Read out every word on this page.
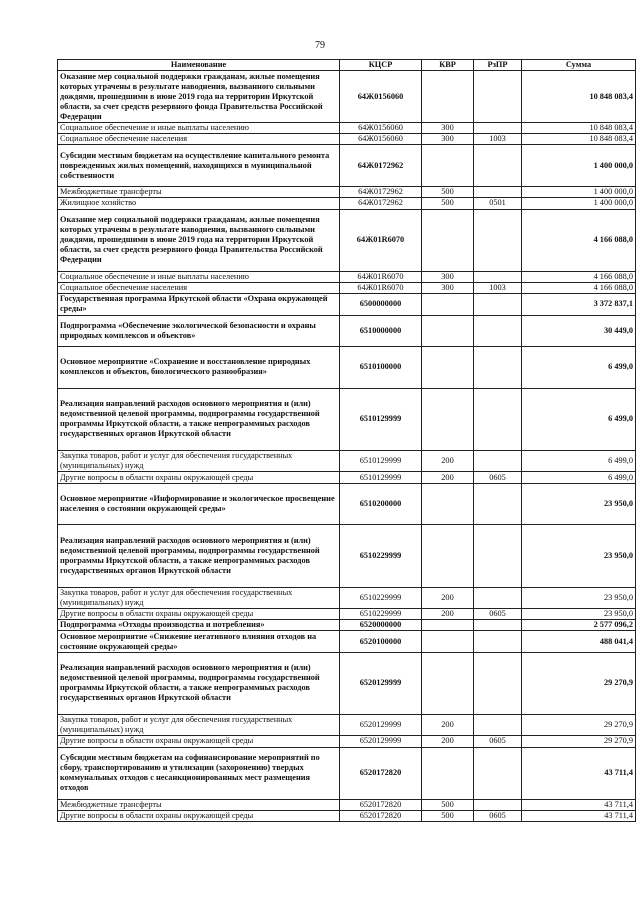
79
Наименование	КЦСР	КВР	РзПР	Сумма
Оказание мер социальной поддержки гражданам, жилые помещения которых утрачены в результате наводнения, вызванного сильными дождями, прошедшими в июне 2019 года на территории Иркутской области, за счет средств резервного фонда Правительства Российской Федерации	64Ж0156060			10 848 083,4
Социальное обеспечение и иные выплаты населению	64Ж0156060	300		10 848 083,4
Социальное обеспечение населения	64Ж0156060	300	1003	10 848 083,4
Субсидии местным бюджетам на осуществление капитального ремонта поврежденных жилых помещений, находящихся в муниципальной собственности	64Ж0172962			1 400 000,0
Межбюджетные трансферты	64Ж0172962	500		1 400 000,0
Жилищное хозяйство	64Ж0172962	500	0501	1 400 000,0
Оказание мер социальной поддержки гражданам, жилые помещения которых утрачены в результате наводнения, вызванного сильными дождями, прошедшими в июне 2019 года на территории Иркутской области, за счет средств резервного фонда Правительства Российской Федерации	64Ж01R6070			4 166 088,0
Социальное обеспечение и иные выплаты населению	64Ж01R6070	300		4 166 088,0
Социальное обеспечение населения	64Ж01R6070	300	1003	4 166 088,0
Государственная программа Иркутской области «Охрана окружающей среды»	6500000000			3 372 837,1
Подпрограмма «Обеспечение экологической безопасности и охраны природных комплексов и объектов»	6510000000			30 449,0
Основное мероприятие «Сохранение и восстановление природных комплексов и объектов, биологического разнообразия»	6510100000			6 499,0
Реализация направлений расходов основного мероприятия и (или) ведомственной целевой программы, подпрограммы государственной программы Иркутской области, а также непрограммных расходов государственных органов Иркутской области	6510129999			6 499,0
Закупка товаров, работ и услуг для обеспечения государственных (муниципальных) нужд	6510129999	200		6 499,0
Другие вопросы в области охраны окружающей среды	6510129999	200	0605	6 499,0
Основное мероприятие «Информирование и экологическое просвещение населения о состоянии окружающей среды»	6510200000			23 950,0
Реализация направлений расходов основного мероприятия и (или) ведомственной целевой программы, подпрограммы государственной программы Иркутской области, а также непрограммных расходов государственных органов Иркутской области	6510229999			23 950,0
Закупка товаров, работ и услуг для обеспечения государственных (муниципальных) нужд	6510229999	200		23 950,0
Другие вопросы в области охраны окружающей среды	6510229999	200	0605	23 950,0
Подпрограмма «Отходы производства и потребления»	6520000000			2 577 096,2
Основное мероприятие «Снижение негативного влияния отходов на состояние окружающей среды»	6520100000			488 041,4
Реализация направлений расходов основного мероприятия и (или) ведомственной целевой программы, подпрограммы государственной программы Иркутской области, а также непрограммных расходов государственных органов Иркутской области	6520129999			29 270,9
Закупка товаров, работ и услуг для обеспечения государственных (муниципальных) нужд	6520129999	200		29 270,9
Другие вопросы в области охраны окружающей среды	6520129999	200	0605	29 270,9
Субсидии местным бюджетам на софинансирование мероприятий по сбору, транспортированию и утилизации (захоронению) твердых коммунальных отходов с несанкционированных мест размещения отходов	6520172820			43 711,4
Межбюджетные трансферты	6520172820	500		43 711,4
Другие вопросы в области охраны окружающей среды	6520172820	500	0605	43 711,4
